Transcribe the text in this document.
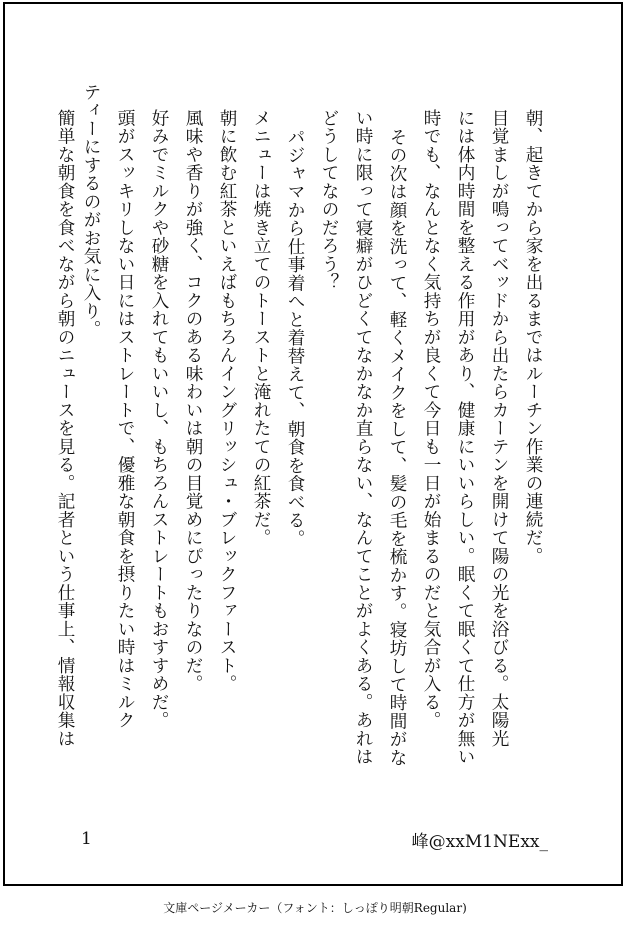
朝、起きてから家を出るまではルーチン作業の連続だ。
目覚ましが鳴ってベッドから出たらカーテンを開けて陽の光を浴びる。太陽光
には体内時間を整える作用があり、健康にいいらしい。眠くて眠くて仕方が無い
時でも、なんとなく気持ちが良くて今日も一日が始まるのだと気合が入る。
その次は顔を洗って、軽くメイクをして、髪の毛を梳かす。寝坊して時間がな
い時に限って寝癖がひどくてなかなか直らない、なんてことがよくある。あれは
どうしてなのだろう？
パジャマから仕事着へと着替えて、朝食を食べる。
メニューは焼き立てのトーストと淹れたての紅茶だ。
朝に飲む紅茶といえばもちろんイングリッシュ・ブレックファースト。
風味や香りが強く、コクのある味わいは朝の目覚めにぴったりなのだ。
好みでミルクや砂糖を入れてもいいし、もちろんストレートもおすすめだ。
頭がスッキリしない日にはストレートで、優雅な朝食を摂りたい時はミルク
ティーにするのがお気に入り。
簡単な朝食を食べながら朝のニュースを見る。記者という仕事上、情報収集は
1	峰@xxM1NExx_
文庫ページメーカー（フォント：しっぽり明朝Regular)
